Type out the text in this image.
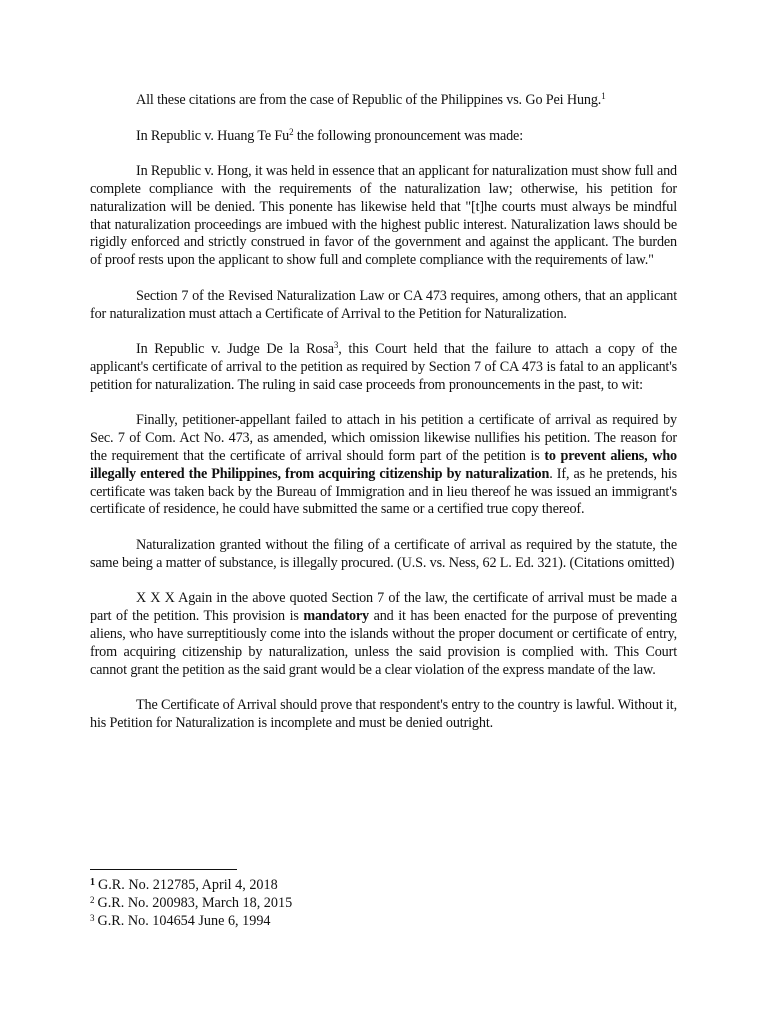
All these citations are from the case of Republic of the Philippines vs. Go Pei Hung.$^1$

In Republic v. Huang Te Fu$^2$ the following pronouncement was made:

In Republic v. Hong, it was held in essence that an applicant for naturalization must show full and complete compliance with the requirements of the naturalization law; otherwise, his petition for naturalization will be denied. This ponente has likewise held that "[t]he courts must always be mindful that naturalization proceedings are imbued with the highest public interest. Naturalization laws should be rigidly enforced and strictly construed in favor of the government and against the applicant. The burden of proof rests upon the applicant to show full and complete compliance with the requirements of law."

Section 7 of the Revised Naturalization Law or CA 473 requires, among others, that an applicant for naturalization must attach a Certificate of Arrival to the Petition for Naturalization.

In Republic v. Judge De la Rosa$^3$, this Court held that the failure to attach a copy of the applicant's certificate of arrival to the petition as required by Section 7 of CA 473 is fatal to an applicant's petition for naturalization. The ruling in said case proceeds from pronouncements in the past, to wit:

Finally, petitioner-appellant failed to attach in his petition a certificate of arrival as required by Sec. 7 of Com. Act No. 473, as amended, which omission likewise nullifies his petition. The reason for the requirement that the certificate of arrival should form part of the petition is to prevent aliens, who illegally entered the Philippines, from acquiring citizenship by naturalization. If, as he pretends, his certificate was taken back by the Bureau of Immigration and in lieu thereof he was issued an immigrant's certificate of residence, he could have submitted the same or a certified true copy thereof.

Naturalization granted without the filing of a certificate of arrival as required by the statute, the same being a matter of substance, is illegally procured. (U.S. vs. Ness, 62 L. Ed. 321). (Citations omitted)

X X X Again in the above quoted Section 7 of the law, the certificate of arrival must be made a part of the petition. This provision is mandatory and it has been enacted for the purpose of preventing aliens, who have surreptitiously come into the islands without the proper document or certificate of entry, from acquiring citizenship by naturalization, unless the said provision is complied with. This Court cannot grant the petition as the said grant would be a clear violation of the express mandate of the law.

The Certificate of Arrival should prove that respondent's entry to the country is lawful. Without it, his Petition for Naturalization is incomplete and must be denied outright.

$^1$ G.R. No. 212785, April 4, 2018
$^2$ G.R. No. 200983, March 18, 2015
$^3$ G.R. No. 104654 June 6, 1994
